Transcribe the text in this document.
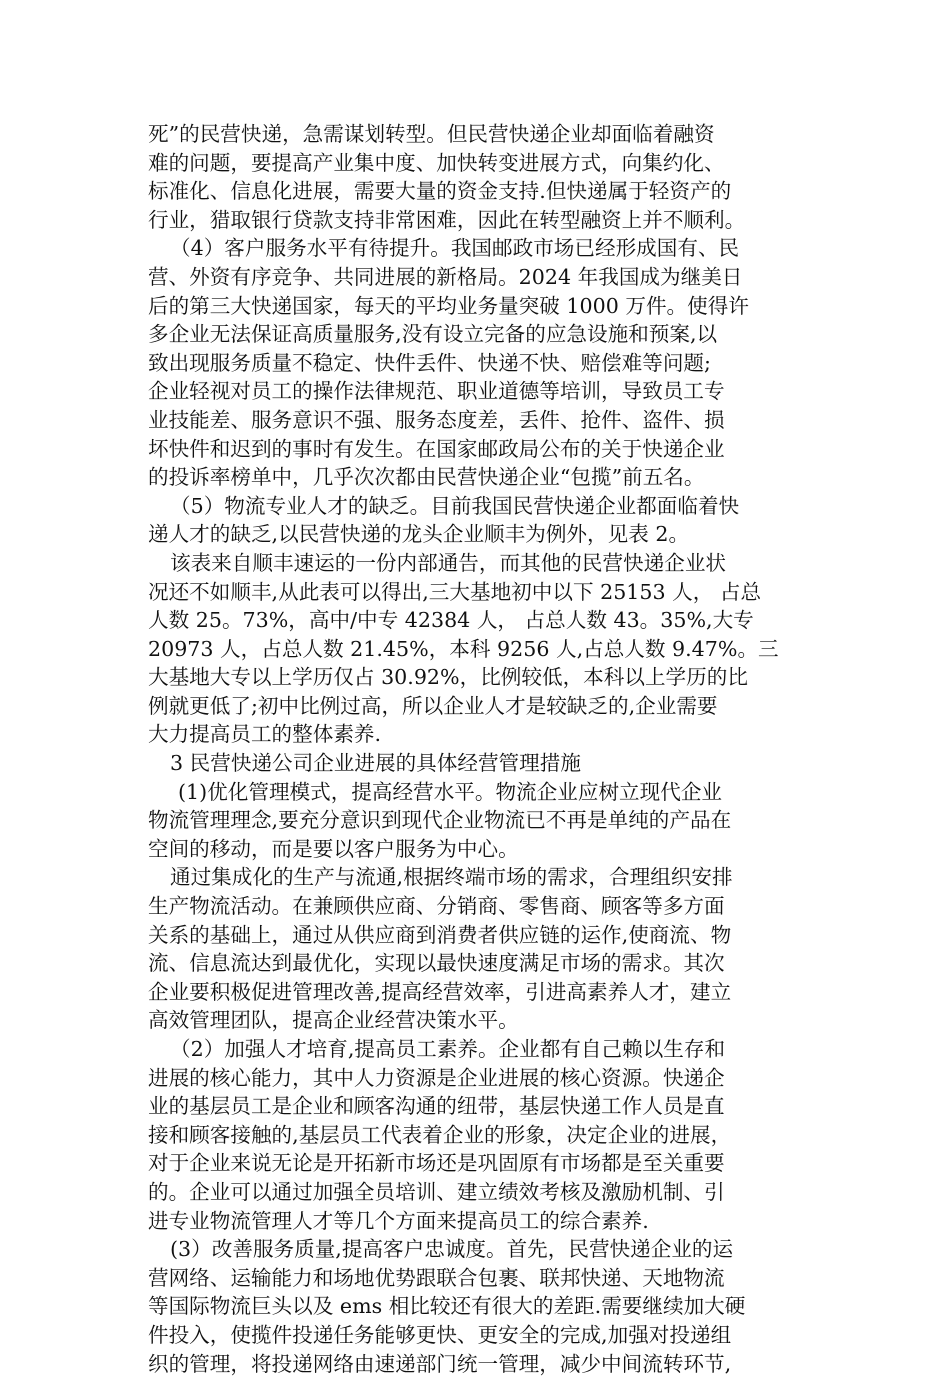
死”的民营快递，急需谋划转型。但民营快递企业却面临着融资
难的问题，要提高产业集中度、加快转变进展方式，向集约化、
标准化、信息化进展，需要大量的资金支持.但快递属于轻资产的
行业，猎取银行贷款支持非常困难，因此在转型融资上并不顺利。
（4）客户服务水平有待提升。我国邮政市场已经形成国有、民
营、外资有序竞争、共同进展的新格局。2024 年我国成为继美日
后的第三大快递国家，每天的平均业务量突破 1000 万件。使得许
多企业无法保证高质量服务,没有设立完备的应急设施和预案,以
致出现服务质量不稳定、快件丢件、快递不快、赔偿难等问题;
企业轻视对员工的操作法律规范、职业道德等培训，导致员工专
业技能差、服务意识不强、服务态度差，丢件、抢件、盗件、损
坏快件和迟到的事时有发生。在国家邮政局公布的关于快递企业
的投诉率榜单中，几乎次次都由民营快递企业“包揽”前五名。
（5）物流专业人才的缺乏。目前我国民营快递企业都面临着快
递人才的缺乏,以民营快递的龙头企业顺丰为例外，见表 2。
该表来自顺丰速运的一份内部通告，而其他的民营快递企业状
况还不如顺丰,从此表可以得出,三大基地初中以下 25153 人， 占总
人数 25。73%，高中/中专 42384 人， 占总人数 43。35%,大专
20973 人，占总人数 21.45%，本科 9256 人,占总人数 9.47%。三
大基地大专以上学历仅占 30.92%，比例较低，本科以上学历的比
例就更低了;初中比例过高，所以企业人才是较缺乏的,企业需要
大力提高员工的整体素养.
3 民营快递公司企业进展的具体经营管理措施
(1)优化管理模式，提高经营水平。物流企业应树立现代企业
物流管理理念,要充分意识到现代企业物流已不再是单纯的产品在
空间的移动，而是要以客户服务为中心。
通过集成化的生产与流通,根据终端市场的需求，合理组织安排
生产物流活动。在兼顾供应商、分销商、零售商、顾客等多方面
关系的基础上，通过从供应商到消费者供应链的运作,使商流、物
流、信息流达到最优化，实现以最快速度满足市场的需求。其次
企业要积极促进管理改善,提高经营效率，引进高素养人才，建立
高效管理团队，提高企业经营决策水平。
（2）加强人才培育,提高员工素养。企业都有自己赖以生存和
进展的核心能力，其中人力资源是企业进展的核心资源。快递企
业的基层员工是企业和顾客沟通的纽带，基层快递工作人员是直
接和顾客接触的,基层员工代表着企业的形象，决定企业的进展，
对于企业来说无论是开拓新市场还是巩固原有市场都是至关重要
的。企业可以通过加强全员培训、建立绩效考核及激励机制、引
进专业物流管理人才等几个方面来提高员工的综合素养.
(3）改善服务质量,提高客户忠诚度。首先，民营快递企业的运
营网络、运输能力和场地优势跟联合包裹、联邦快递、天地物流
等国际物流巨头以及 ems 相比较还有很大的差距.需要继续加大硬
件投入，使揽件投递任务能够更快、更安全的完成,加强对投递组
织的管理，将投递网络由速递部门统一管理，减少中间流转环节,
